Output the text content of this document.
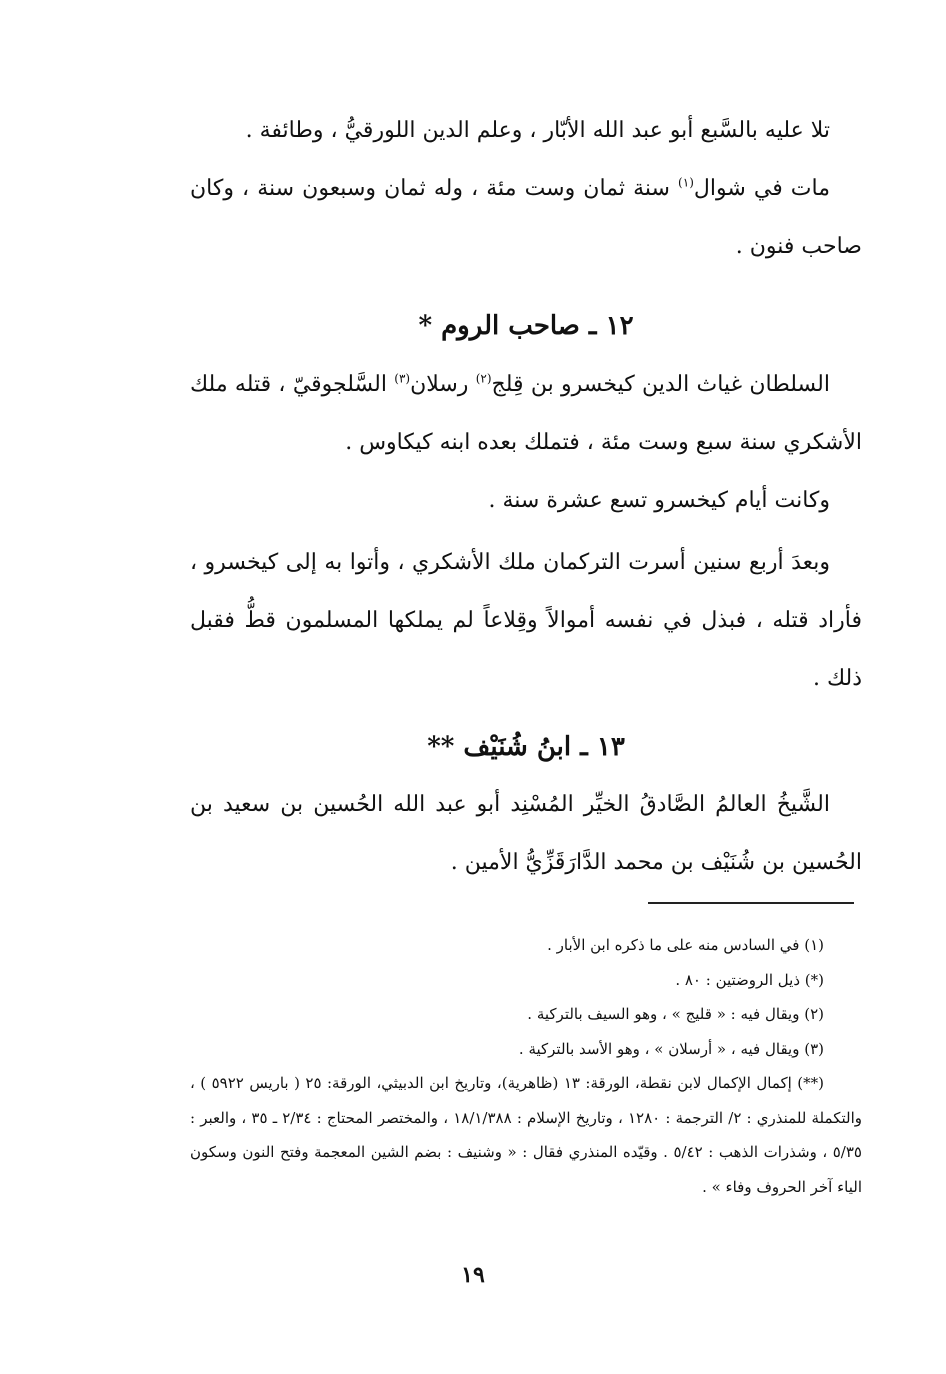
تلا عليه بالسَّبع أبو عبد الله الأبّار ، وعلم الدين اللورقيُّ ، وطائفة .

مات في شوال$^{(١)}$ سنة ثمان وست مئة ، وله ثمان وسبعون سنة ، وكان صاحب فنون .

١٢ ـ صاحب الروم *

السلطان غياث الدين كيخسرو بن قِلج$^{(٢)}$ رسلان$^{(٣)}$ السَّلجوقيّ ، قتله ملك الأشكري سنة سبع وست مئة ، فتملك بعده ابنه كيكاوس .

وكانت أيام كيخسرو تسع عشرة سنة .

وبعدَ أربع سنين أسرت التركمان ملك الأشكري ، وأتوا به إلى كيخسرو ، فأراد قتله ، فبذل في نفسه أموالاً وقِلاعاً لم يملكها المسلمون قطُّ فقبل ذلك .

١٣ ـ ابنُ شُنَيْف **

الشَّيخُ العالمُ الصَّادقُ الخيِّر المُسْنِد أبو عبد الله الحُسين بن سعيد بن الحُسين بن شُنَيْف بن محمد الدَّارَقَزِّيُّ الأمين .

(١) في السادس منه على ما ذكره ابن الأبار .

(*) ذيل الروضتين : ٨٠ .

(٢) ويقال فيه : « قليج » ، وهو السيف بالتركية .

(٣) ويقال فيه ، « أرسلان » ، وهو الأسد بالتركية .

(**) إكمال الإكمال لابن نقطة، الورقة: ١٣ (ظاهرية)، وتاريخ ابن الدبيثي، الورقة: ٢٥ ( باريس ٥٩٢٢ ) ، والتكملة للمنذري : ٢/ الترجمة : ١٢٨٠ ، وتاريخ الإسلام : ١٨/١/٣٨٨ ، والمختصر المحتاج : ٢/٣٤ ـ ٣٥ ، والعبر : ٥/٣٥ ، وشذرات الذهب : ٥/٤٢ . وقيّده المنذري فقال : « وشنيف : بضم الشين المعجمة وفتح النون وسكون الياء آخر الحروف وفاء » .

١٩
